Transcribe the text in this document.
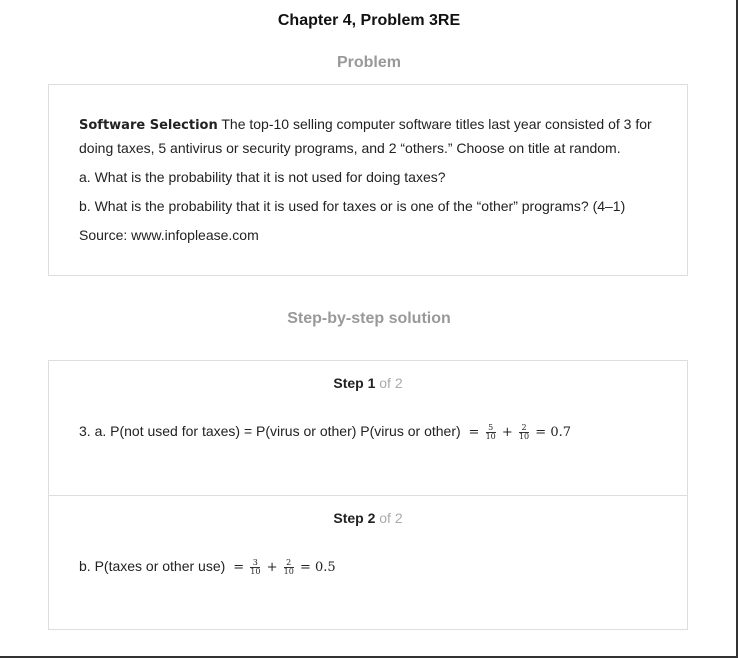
Chapter 4, Problem 3RE
Problem

Software Selection The top-10 selling computer software titles last year consisted of 3 for doing taxes, 5 antivirus or security programs, and 2 “others.” Choose on title at random.

a. What is the probability that it is not used for doing taxes?

b. What is the probability that it is used for taxes or is one of the “other” programs? (4–1)

Source: www.infoplease.com

Step-by-step solution
Step 1 of 2
3. a. P(not used for taxes) = P(virus or other) P(virus or other) = $\frac{5}{10} + \frac{2}{10} = 0.7$
Step 2 of 2
b. P(taxes or other $use) = \frac{3}{10} + \frac{2}{10} = 0.5$
